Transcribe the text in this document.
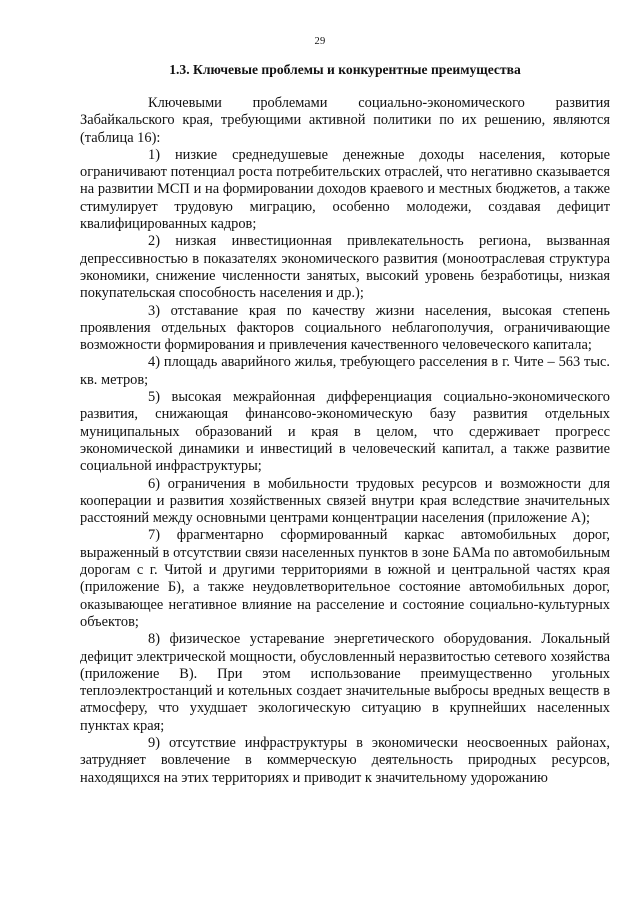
29
1.3. Ключевые проблемы и конкурентные преимущества

Ключевыми проблемами социально-экономического развития Забайкальского края, требующими активной политики по их решению, являются (таблица 16):

1) низкие среднедушевые денежные доходы населения, которые ограничивают потенциал роста потребительских отраслей, что негативно сказывается на развитии МСП и на формировании доходов краевого и местных бюджетов, а также стимулирует трудовую миграцию, особенно молодежи, создавая дефицит квалифицированных кадров;

2) низкая инвестиционная привлекательность региона, вызванная депрессивностью в показателях экономического развития (моноотраслевая структура экономики, снижение численности занятых, высокий уровень безработицы, низкая покупательская способность населения и др.);

3) отставание края по качеству жизни населения, высокая степень проявления отдельных факторов социального неблагополучия, ограничивающие возможности формирования и привлечения качественного человеческого капитала;

4) площадь аварийного жилья, требующего расселения в г. Чите – 563 тыс. кв. метров;

5) высокая межрайонная дифференциация социально-экономического развития, снижающая финансово-экономическую базу развития отдельных муниципальных образований и края в целом, что сдерживает прогресс экономической динамики и инвестиций в человеческий капитал, а также развитие социальной инфраструктуры;

6) ограничения в мобильности трудовых ресурсов и возможности для кооперации и развития хозяйственных связей внутри края вследствие значительных расстояний между основными центрами концентрации населения (приложение А);

7) фрагментарно сформированный каркас автомобильных дорог, выраженный в отсутствии связи населенных пунктов в зоне БАМа по автомобильным дорогам с г. Читой и другими территориями в южной и центральной частях края (приложение Б), а также неудовлетворительное состояние автомобильных дорог, оказывающее негативное влияние на расселение и состояние социально-культурных объектов;

8) физическое устаревание энергетического оборудования. Локальный дефицит электрической мощности, обусловленный неразвитостью сетевого хозяйства (приложение В). При этом использование преимущественно угольных теплоэлектростанций и котельных создает значительные выбросы вредных веществ в атмосферу, что ухудшает экологическую ситуацию в крупнейших населенных пунктах края;

9) отсутствие инфраструктуры в экономически неосвоенных районах, затрудняет вовлечение в коммерческую деятельность природных ресурсов, находящихся на этих территориях и приводит к значительному удорожанию
